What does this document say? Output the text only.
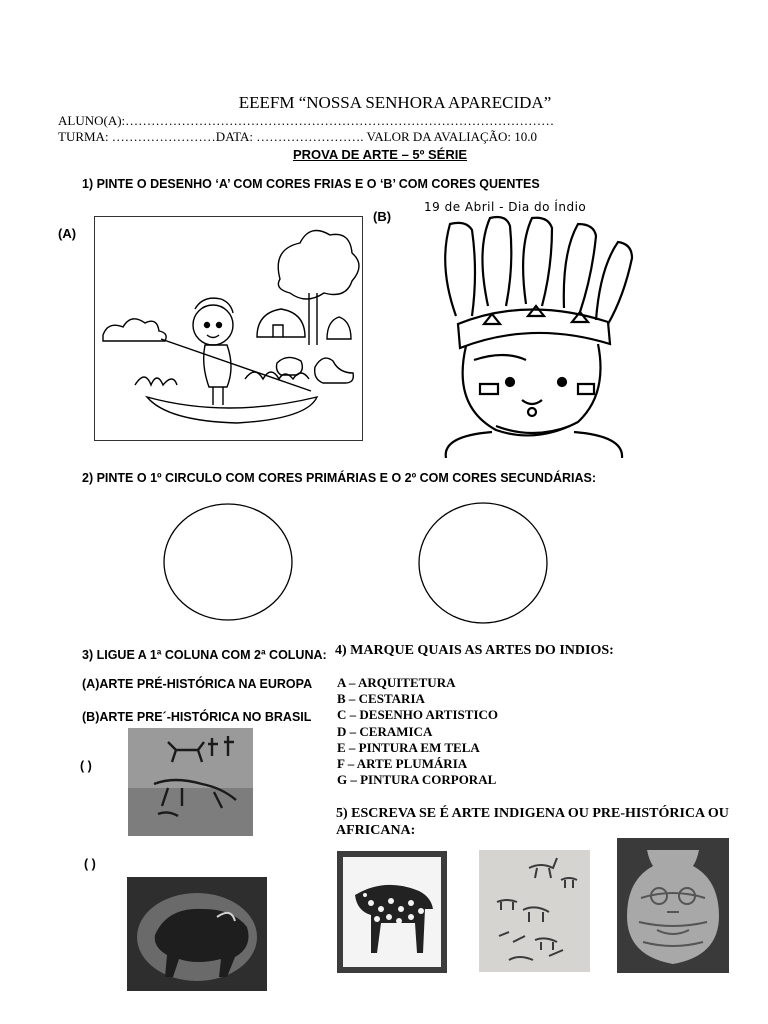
EEEFM “NOSSA SENHORA APARECIDA”
ALUNO(A):………………………………………………………………………………………
TURMA: ……………………DATA: ……………………. VALOR DA AVALIAÇÃO: 10.0
PROVA DE ARTE – 5º SÉRIE
1) PINTE O DESENHO ‘A’ COM CORES FRIAS E O ‘B’ COM CORES QUENTES
(A)
(B)
19 de Abril - Dia do Índio
2) PINTE O 1º CIRCULO COM CORES PRIMÁRIAS E O 2º COM CORES SECUNDÁRIAS:
3) LIGUE A 1ª COLUNA COM 2ª COLUNA:
(A)ARTE PRÉ-HISTÓRICA NA EUROPA
(B)ARTE PRE´-HISTÓRICA NO BRASIL
( )
( )
4) MARQUE QUAIS AS ARTES DO INDIOS:
A – ARQUITETURA
B – CESTARIA
C – DESENHO ARTISTICO
D – CERAMICA
E – PINTURA EM TELA
F – ARTE PLUMÁRIA
G – PINTURA CORPORAL
5) ESCREVA SE É ARTE INDIGENA OU PRE-HISTÓRICA OU
AFRICANA:
